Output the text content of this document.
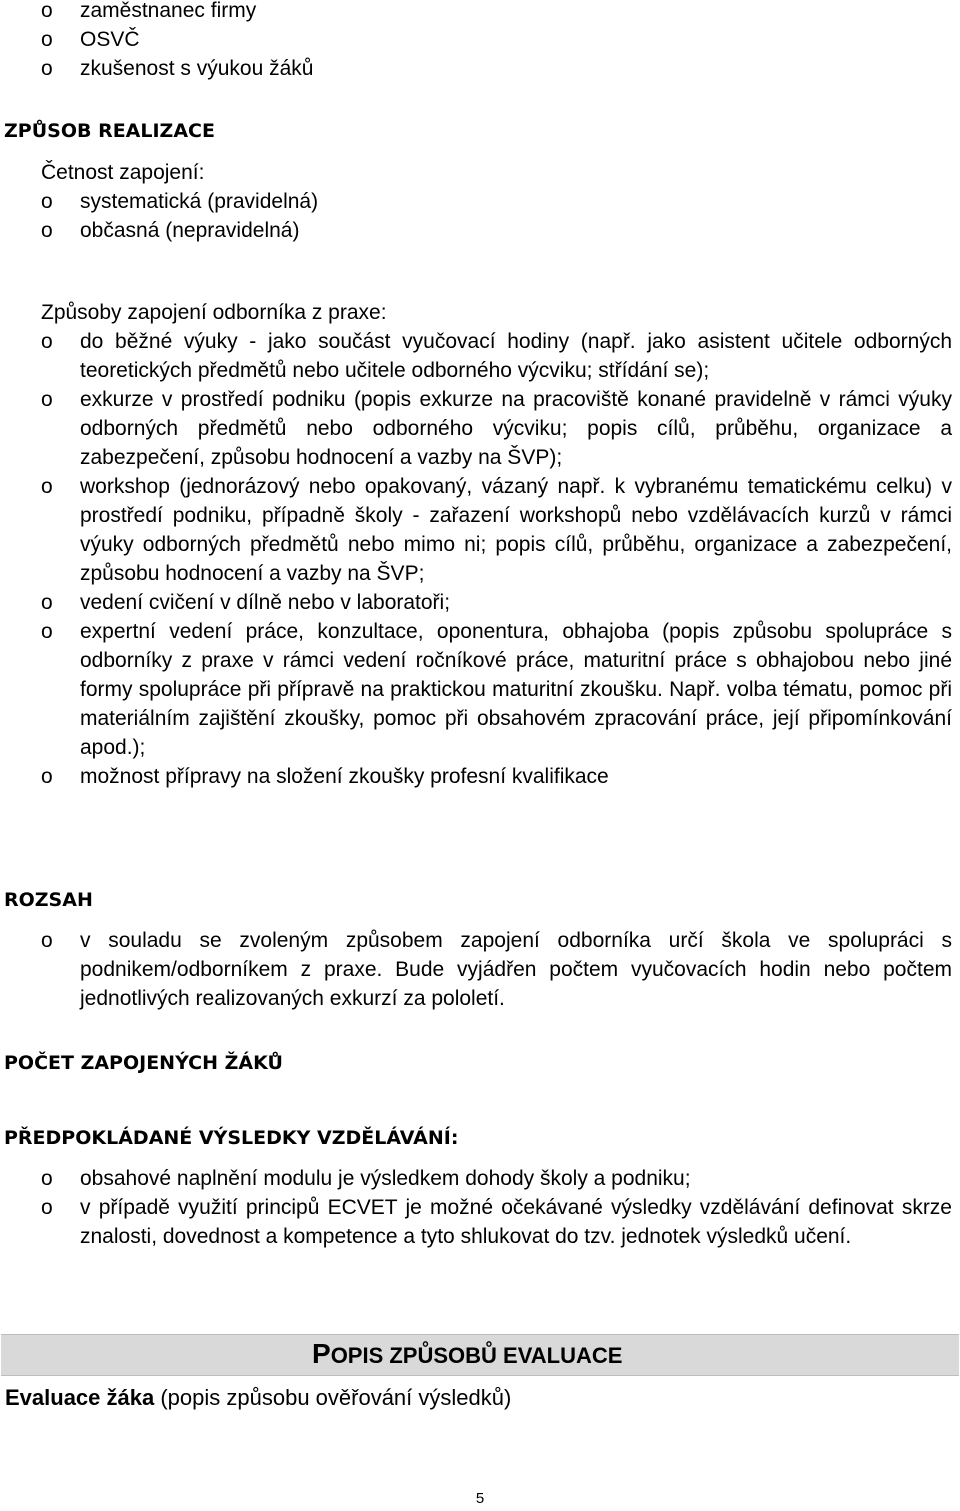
o zaměstnanec firmy
o OSVČ
o zkušenost s výukou žáků
ZPŮSOB REALIZACE
Četnost zapojení:
o systematická (pravidelná)
o občasná (nepravidelná)
Způsoby zapojení odborníka z praxe:
o do běžné výuky - jako součást vyučovací hodiny (např. jako asistent učitele odborných teoretických předmětů nebo učitele odborného výcviku; střídání se);
o exkurze v prostředí podniku (popis exkurze na pracoviště konané pravidelně v rámci výuky odborných předmětů nebo odborného výcviku; popis cílů, průběhu, organizace a zabezpečení, způsobu hodnocení a vazby na ŠVP);
o workshop (jednorázový nebo opakovaný, vázaný např. k vybranému tematickému celku) v prostředí podniku, případně školy - zařazení workshopů nebo vzdělávacích kurzů v rámci výuky odborných předmětů nebo mimo ni; popis cílů, průběhu, organizace a zabezpečení, způsobu hodnocení a vazby na ŠVP;
o vedení cvičení v dílně nebo v laboratoři;
o expertní vedení práce, konzultace, oponentura, obhajoba (popis způsobu spolupráce s odborníky z praxe v rámci vedení ročníkové práce, maturitní práce s obhajobou nebo jiné formy spolupráce při přípravě na praktickou maturitní zkoušku. Např. volba tématu, pomoc při materiálním zajištění zkoušky, pomoc při obsahovém zpracování práce, její připomínkování apod.);
o možnost přípravy na složení zkoušky profesní kvalifikace
ROZSAH
o v souladu se zvoleným způsobem zapojení odborníka určí škola ve spolupráci s podnikem/odborníkem z praxe. Bude vyjádřen počtem vyučovacích hodin nebo počtem jednotlivých realizovaných exkurzí za pololetí.
POČET ZAPOJENÝCH ŽÁKŮ
PŘEDPOKLÁDANÉ VÝSLEDKY VZDĚLÁVÁNÍ:
o obsahové naplnění modulu je výsledkem dohody školy a podniku;
o v případě využití principů ECVET je možné očekávané výsledky vzdělávání definovat skrze znalosti, dovednost a kompetence a tyto shlukovat do tzv. jednotek výsledků učení.
POPIS ZPŮSOBŮ EVALUACE
Evaluace žáka (popis způsobu ověřování výsledků)
5
